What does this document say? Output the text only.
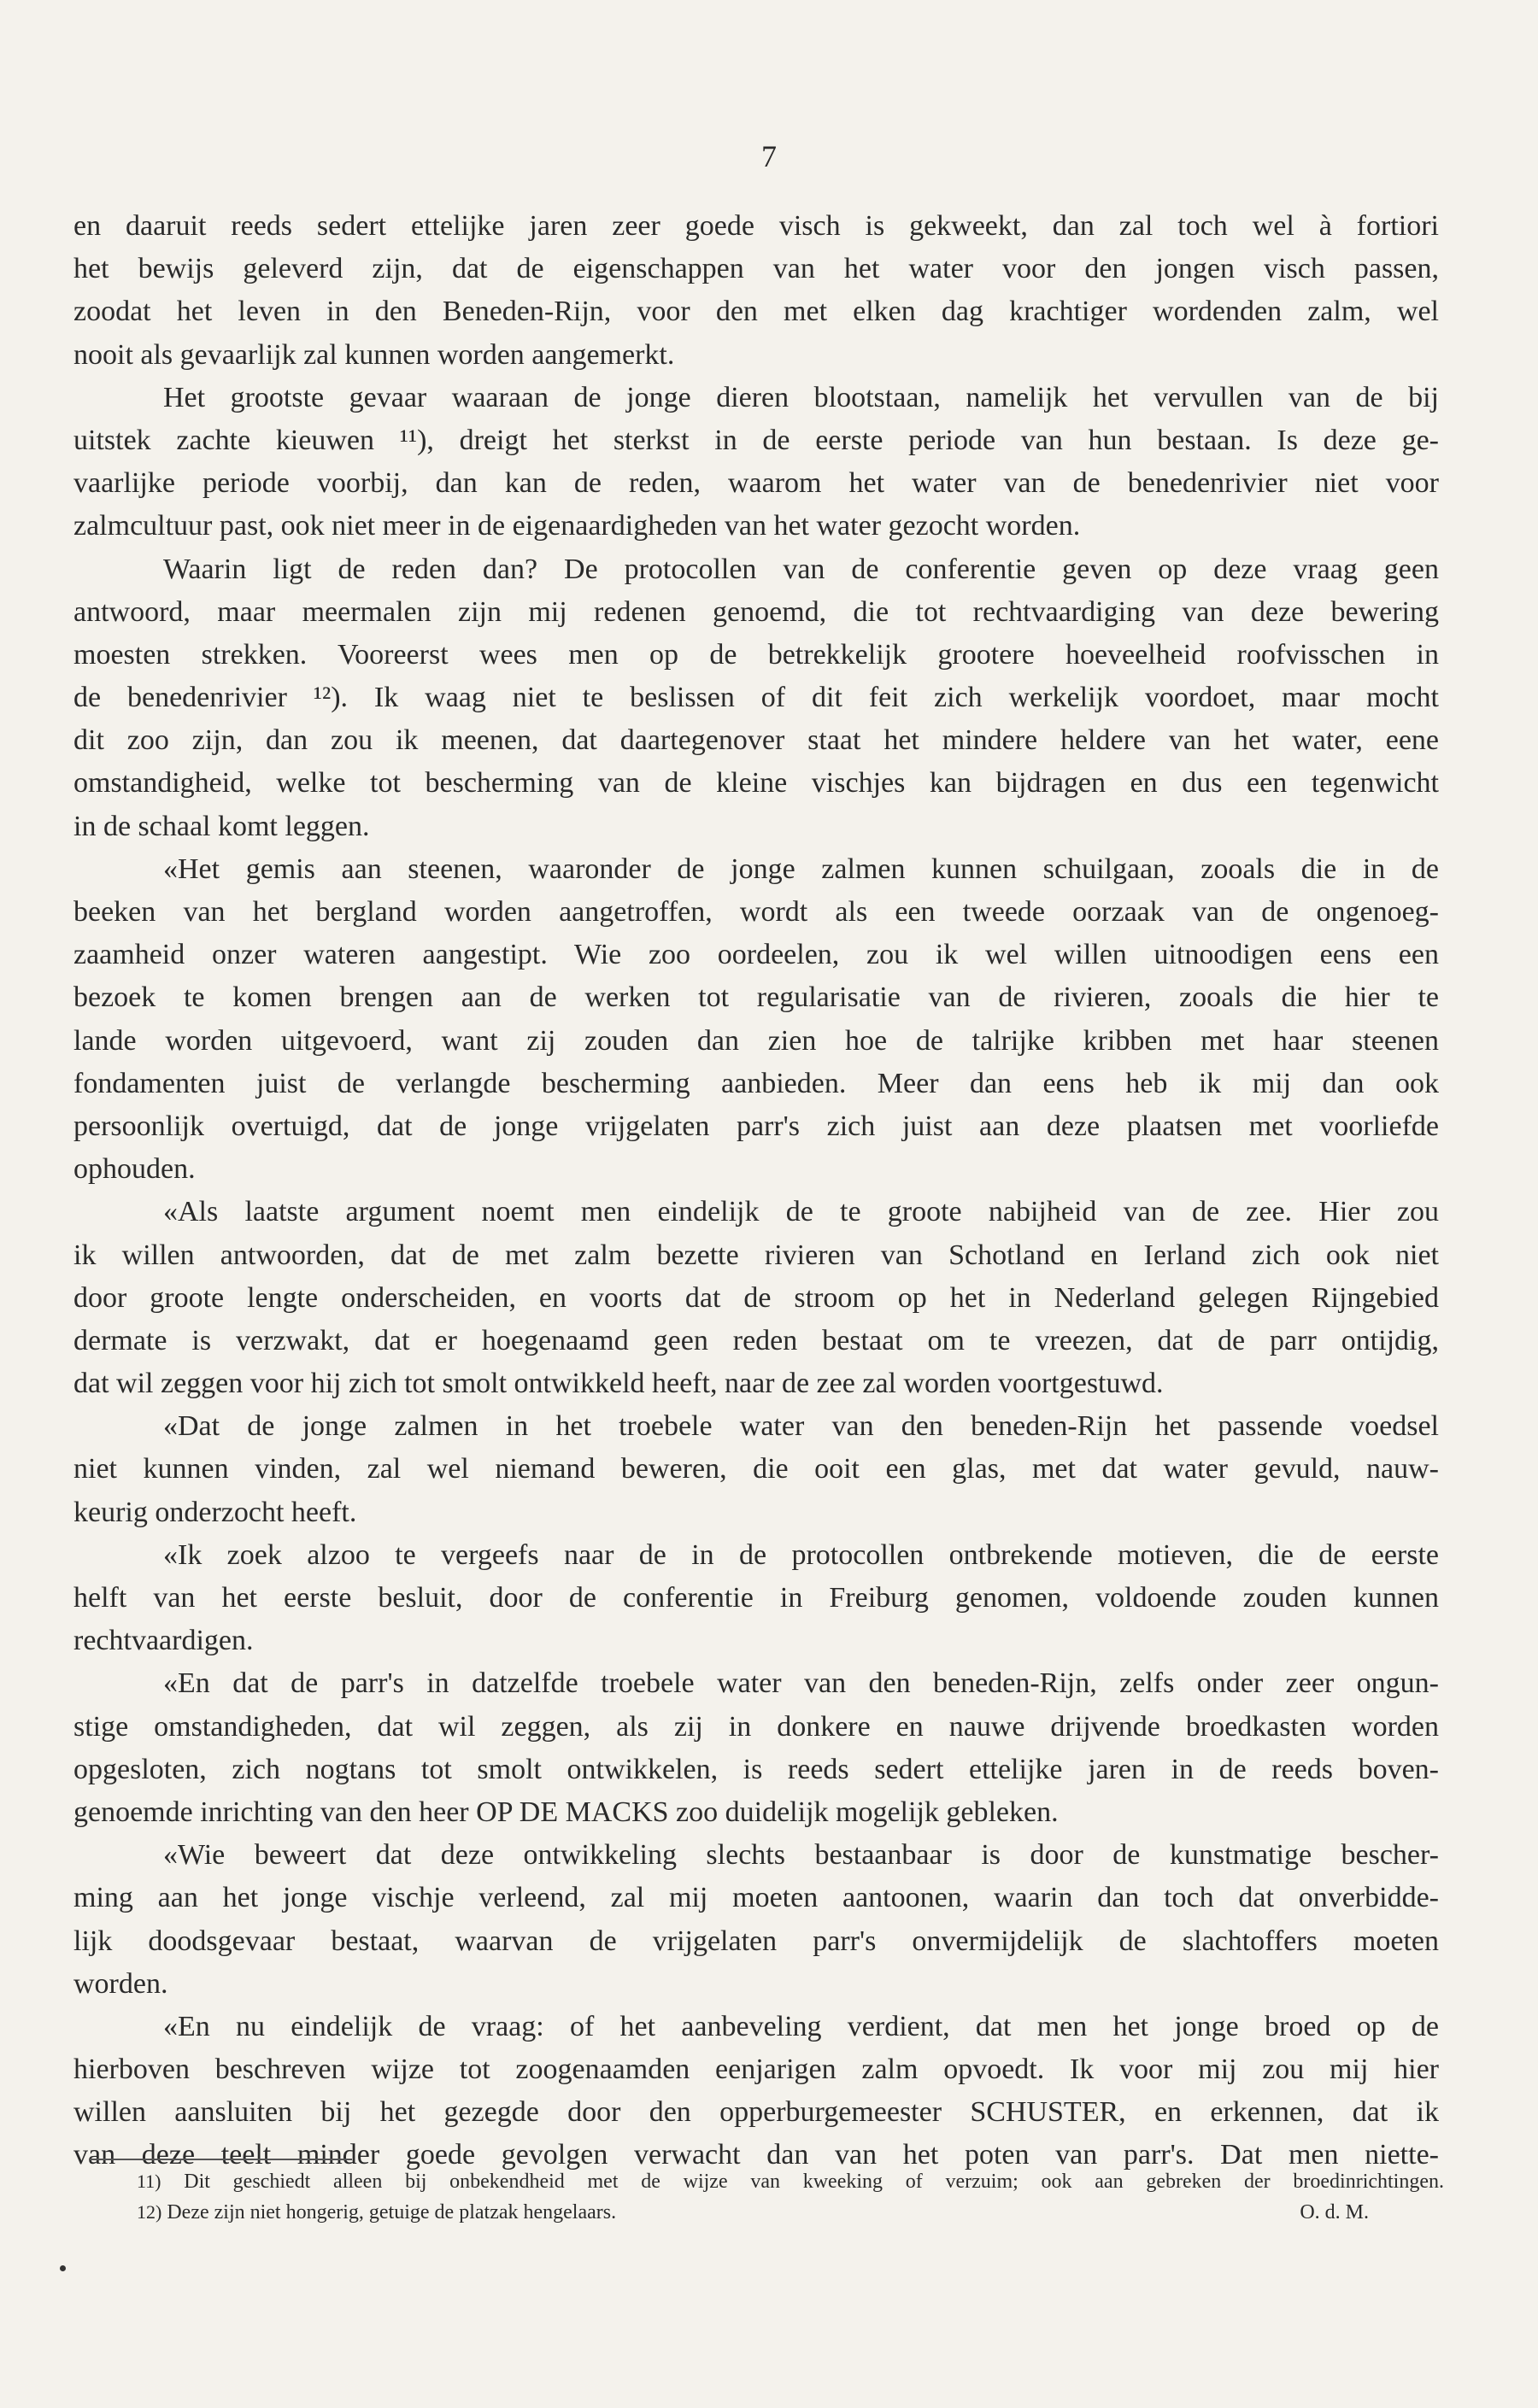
7
en daaruit reeds sedert ettelijke jaren zeer goede visch is gekweekt, dan zal toch wel à fortiori
het bewijs geleverd zijn, dat de eigenschappen van het water voor den jongen visch passen,
zoodat het leven in den Beneden-Rijn, voor den met elken dag krachtiger wordenden zalm, wel
nooit als gevaarlijk zal kunnen worden aangemerkt.
Het grootste gevaar waaraan de jonge dieren blootstaan, namelijk het vervullen van de bij
uitstek zachte kieuwen ¹¹), dreigt het sterkst in de eerste periode van hun bestaan. Is deze ge-
vaarlijke periode voorbij, dan kan de reden, waarom het water van de benedenrivier niet voor
zalmcultuur past, ook niet meer in de eigenaardigheden van het water gezocht worden.
Waarin ligt de reden dan? De protocollen van de conferentie geven op deze vraag geen
antwoord, maar meermalen zijn mij redenen genoemd, die tot rechtvaardiging van deze bewering
moesten strekken. Vooreerst wees men op de betrekkelijk grootere hoeveelheid roofvisschen in
de benedenrivier ¹²). Ik waag niet te beslissen of dit feit zich werkelijk voordoet, maar mocht
dit zoo zijn, dan zou ik meenen, dat daartegenover staat het mindere heldere van het water, eene
omstandigheid, welke tot bescherming van de kleine vischjes kan bijdragen en dus een tegenwicht
in de schaal komt leggen.
«Het gemis aan steenen, waaronder de jonge zalmen kunnen schuilgaan, zooals die in de
beeken van het bergland worden aangetroffen, wordt als een tweede oorzaak van de ongenoeg-
zaamheid onzer wateren aangestipt. Wie zoo oordeelen, zou ik wel willen uitnoodigen eens een
bezoek te komen brengen aan de werken tot regularisatie van de rivieren, zooals die hier te
lande worden uitgevoerd, want zij zouden dan zien hoe de talrijke kribben met haar steenen
fondamenten juist de verlangde bescherming aanbieden. Meer dan eens heb ik mij dan ook
persoonlijk overtuigd, dat de jonge vrijgelaten parr's zich juist aan deze plaatsen met voorliefde
ophouden.
«Als laatste argument noemt men eindelijk de te groote nabijheid van de zee. Hier zou
ik willen antwoorden, dat de met zalm bezette rivieren van Schotland en Ierland zich ook niet
door groote lengte onderscheiden, en voorts dat de stroom op het in Nederland gelegen Rijngebied
dermate is verzwakt, dat er hoegenaamd geen reden bestaat om te vreezen, dat de parr ontijdig,
dat wil zeggen voor hij zich tot smolt ontwikkeld heeft, naar de zee zal worden voortgestuwd.
«Dat de jonge zalmen in het troebele water van den beneden-Rijn het passende voedsel
niet kunnen vinden, zal wel niemand beweren, die ooit een glas, met dat water gevuld, nauw-
keurig onderzocht heeft.
«Ik zoek alzoo te vergeefs naar de in de protocollen ontbrekende motieven, die de eerste
helft van het eerste besluit, door de conferentie in Freiburg genomen, voldoende zouden kunnen
rechtvaardigen.
«En dat de parr's in datzelfde troebele water van den beneden-Rijn, zelfs onder zeer ongun-
stige omstandigheden, dat wil zeggen, als zij in donkere en nauwe drijvende broedkasten worden
opgesloten, zich nogtans tot smolt ontwikkelen, is reeds sedert ettelijke jaren in de reeds boven-
genoemde inrichting van den heer OP DE MACKS zoo duidelijk mogelijk gebleken.
«Wie beweert dat deze ontwikkeling slechts bestaanbaar is door de kunstmatige bescher-
ming aan het jonge vischje verleend, zal mij moeten aantoonen, waarin dan toch dat onverbidde-
lijk doodsgevaar bestaat, waarvan de vrijgelaten parr's onvermijdelijk de slachtoffers moeten
worden.
«En nu eindelijk de vraag: of het aanbeveling verdient, dat men het jonge broed op de
hierboven beschreven wijze tot zoogenaamden eenjarigen zalm opvoedt. Ik voor mij zou mij hier
willen aansluiten bij het gezegde door den opperburgemeester SCHUSTER, en erkennen, dat ik
van deze teelt minder goede gevolgen verwacht dan van het poten van parr's. Dat men niette-
11) Dit geschiedt alleen bij onbekendheid met de wijze van kweeking of verzuim; ook aan gebreken der broedinrichtingen.
12) Deze zijn niet hongerig, getuige de platzak hengelaars.	O. d. M.
